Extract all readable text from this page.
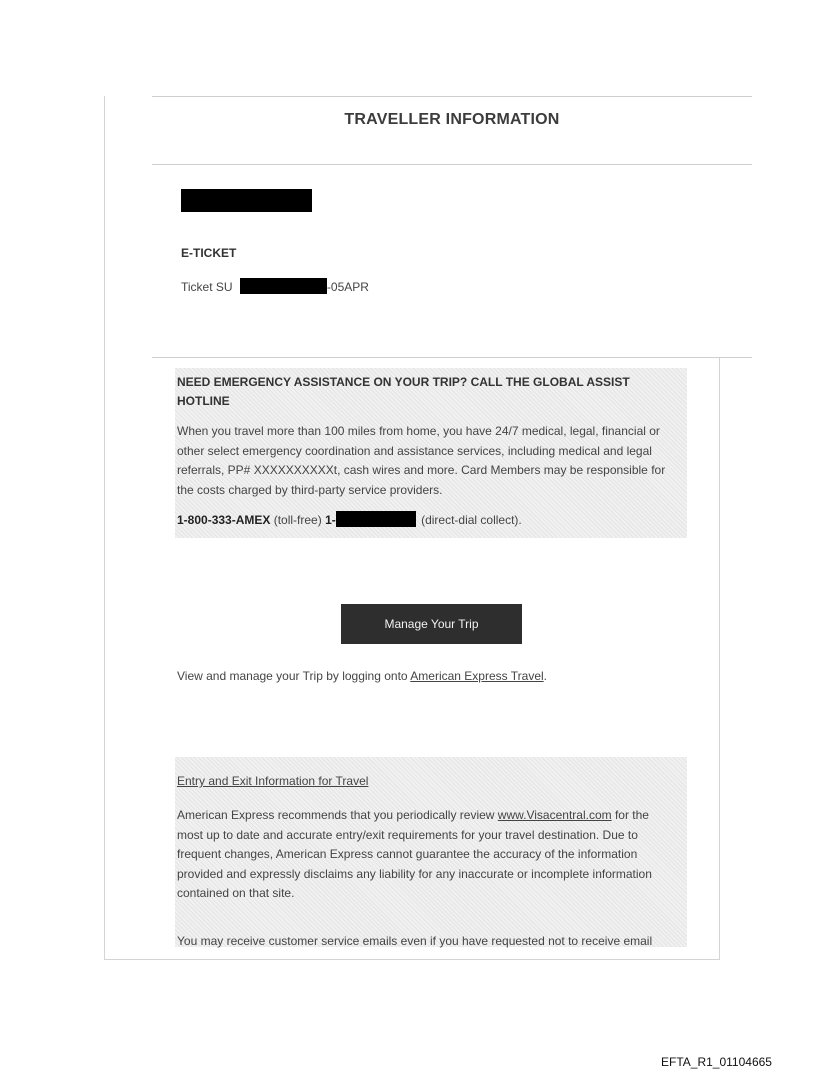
TRAVELLER INFORMATION
E-TICKET
Ticket SU	-05APR
NEED EMERGENCY ASSISTANCE ON YOUR TRIP? CALL THE GLOBAL ASSIST HOTLINE
When you travel more than 100 miles from home, you have 24/7 medical, legal, financial or other select emergency coordination and assistance services, including medical and legal referrals, PP# XXXXXXXXXXt, cash wires and more. Card Members may be responsible for the costs charged by third-party service providers.
1-800-333-AMEX (toll-free) 1-	(direct-dial collect).
Manage Your Trip
View and manage your Trip by logging onto American Express Travel.
Entry and Exit Information for Travel
American Express recommends that you periodically review www.Visacentral.com for the most up to date and accurate entry/exit requirements for your travel destination. Due to frequent changes, American Express cannot guarantee the accuracy of the information provided and expressly disclaims any liability for any inaccurate or incomplete information contained on that site.
You may receive customer service emails even if you have requested not to receive email
EFTA_R1_01104665
